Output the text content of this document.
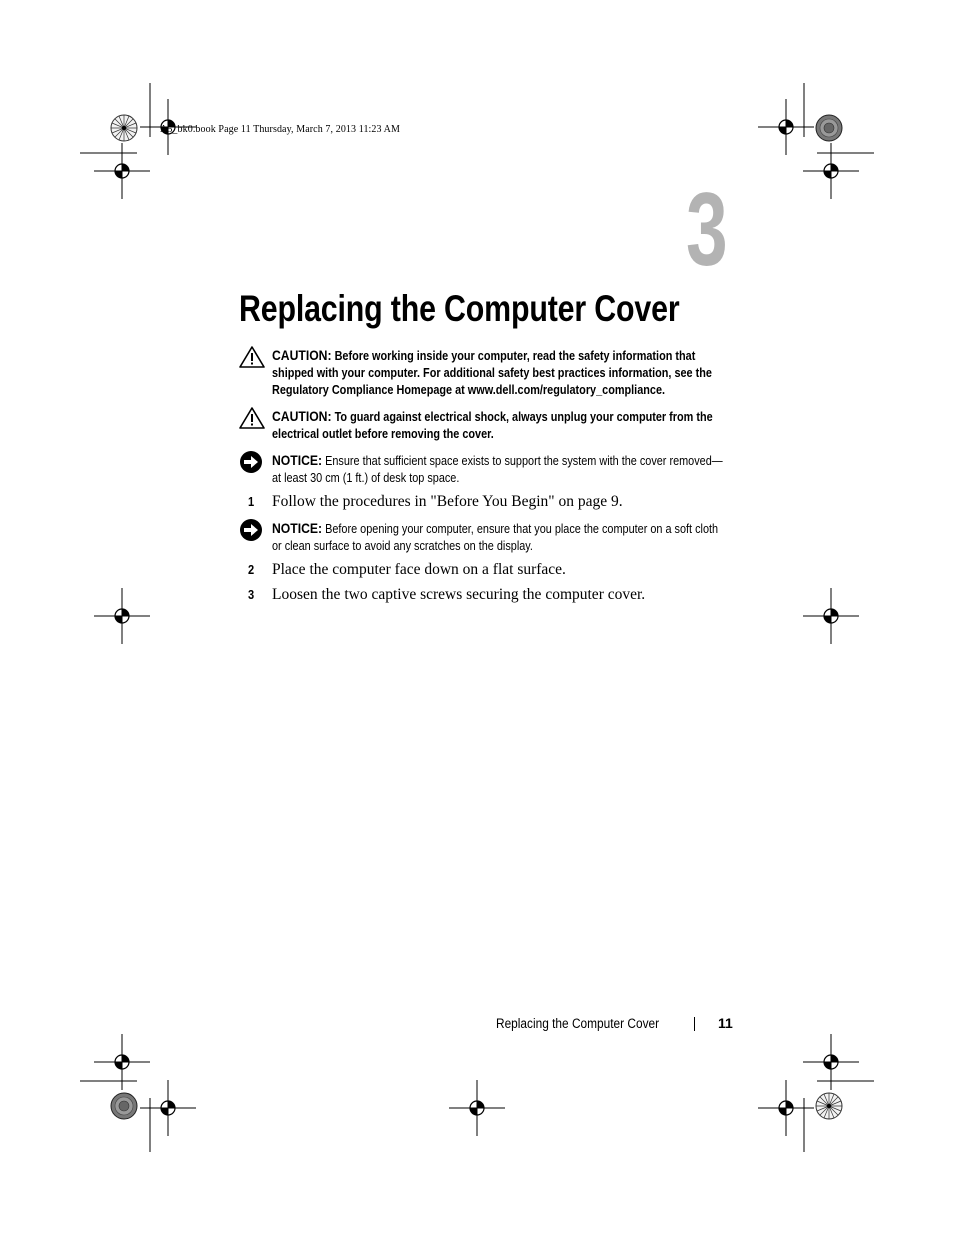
A5_bk0.book Page 11 Thursday, March 7, 2013 11:23 AM
3
Replacing the Computer Cover
CAUTION: Before working inside your computer, read the safety information that shipped with your computer. For additional safety best practices information, see the Regulatory Compliance Homepage at www.dell.com/regulatory_compliance.
CAUTION: To guard against electrical shock, always unplug your computer from the electrical outlet before removing the cover.
NOTICE: Ensure that sufficient space exists to support the system with the cover removed—at least 30 cm (1 ft.) of desk top space.
1 Follow the procedures in "Before You Begin" on page 9.
NOTICE: Before opening your computer, ensure that you place the computer on a soft cloth or clean surface to avoid any scratches on the display.
2 Place the computer face down on a flat surface.
3 Loosen the two captive screws securing the computer cover.
Replacing the Computer Cover	11
